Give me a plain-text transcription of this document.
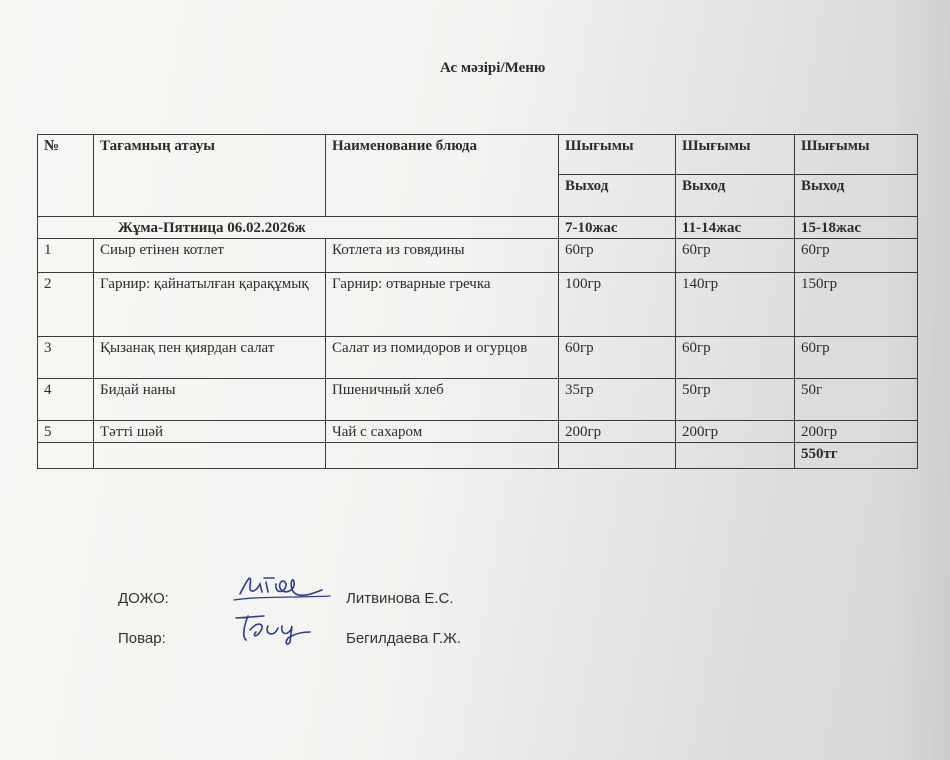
Ас мәзірі/Меню
№	Тағамның атауы	Наименование блюда	Шығымы	Шығымы	Шығымы
			Выход	Выход	Выход
Жұма-Пятница 06.02.2026ж			7-10жас	11-14жас	15-18жас
1	Сиыр етінен котлет	Котлета из говядины	60гр	60гр	60гр
2	Гарнир: қайнатылған қарақұмық	Гарнир: отварные гречка	100гр	140гр	150гр
3	Қызанақ пен қиярдан салат	Салат из помидоров и огурцов	60гр	60гр	60гр
4	Бидай наны	Пшеничный хлеб	35гр	50гр	50г
5	Тәтті шәй	Чай с сахаром	200гр	200гр	200гр
					550тг
ДОЖО:	Литвинова Е.С.
Повар:	Бегилдаева Г.Ж.
